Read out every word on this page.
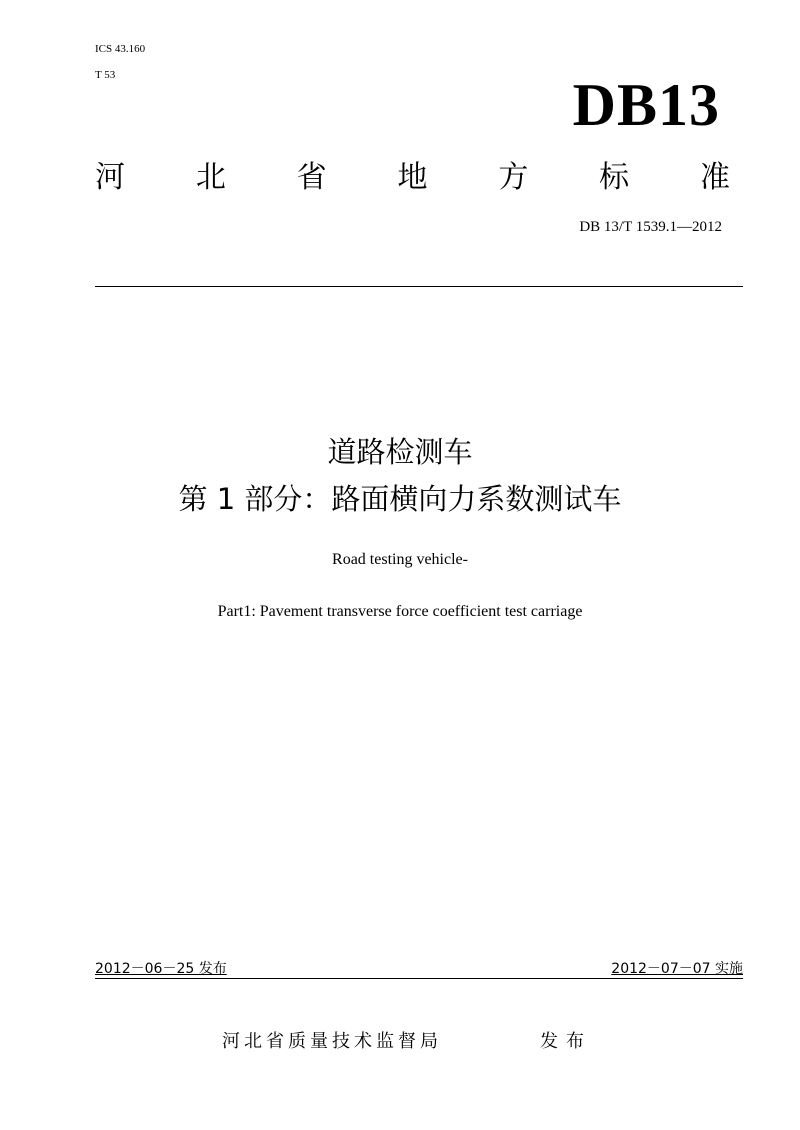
ICS 43.160
T 53	DB13
河 北 省 地 方 标 准
DB 13/T 1539.1—2012
道路检测车
第 1 部分：路面横向力系数测试车
Road testing vehicle-
Part1: Pavement transverse force coefficient test carriage
2012－06－25 发布	2012－07－07 实施
河北省质量技术监督局	发布
